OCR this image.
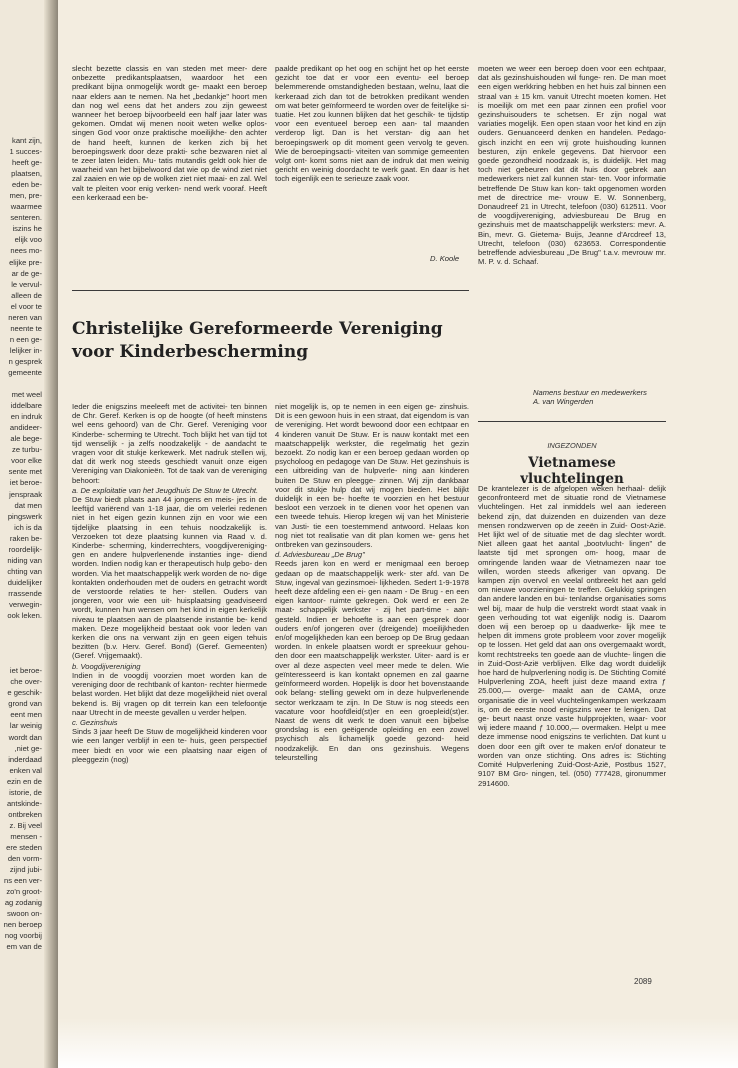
kant zijn,
1 succes-
heeft ge-
plaatsen,
eden be-
men, pre-
waarmee
senteren.
iszins he
elijk voo
nees mo-
elijke pre-
ar de ge-
le vervul-
alleen de
el voor te
neren van
neente te
n een ge-
lelijker in-
n gesprek
gemeente

met weel
iddelbare
en indruk
andideer-
ale bege-
ze turbu-
voor elke
sente met
iet beroe-
jenspraak
dat men
pingswerk
ich is da
raken be-
roordelijk-
niding van
chting van
duidelijker
rrassende
verwegin-
ook leken.

iet beroe-
che over-
e geschik-
grond van
eent men
lar weinig
wordt dan
,niet ge-
inderdaad
enken val
ezin en de
istorie, de
antskinde-
ontbreken
z. Bij veel
mensen -
ere steden
den vorm-
zijnd jubi-
ns een ver-
zo'n groot-
ag zodanig
swoon on-
nen beroep
nog voorbij
em van de

slecht bezette classis en van steden met meer- dere onbezette predikantsplaatsen, waardoor het een predikant bijna onmogelijk wordt ge- maakt een beroep naar elders aan te nemen. Na het „bedankje" hoort men dan nog wel eens dat het anders zou zijn geweest wanneer het beroep bijvoorbeeld een half jaar later was gekomen. Omdat wij menen nooit weten welke oplos- singen God voor onze praktische moeilijkhe- den achter de hand heeft, kunnen de kerken zich bij het beroepingswerk door deze prakti- sche bezwaren niet al te zeer laten leiden. Mu- tatis mutandis geldt ook hier de waarheid van het bijbelwoord dat wie op de wind ziet niet zal zaaien en wie op de wolken ziet niet maai- en zal. Wel valt te pleiten voor enig verken- nend werk vooraf. Heeft een kerkeraad een be-

paalde predikant op het oog en schijnt het op het eerste gezicht toe dat er voor een eventu- eel beroep belemmerende omstandigheden bestaan, welnu, laat die kerkeraad zich dan tot de betrokken predikant wenden om wat beter geïnformeerd te worden over de feitelijke si- tuatie. Het zou kunnen blijken dat het geschik- te tijdstip voor een eventueel beroep een aan- tal maanden verderop ligt. Dan is het verstan- dig aan het beroepingswerk op dit moment geen vervolg te geven. Wie de beroepingsacti- viteiten van sommige gemeenten volgt ont- komt soms niet aan de indruk dat men weinig gericht en weinig doordacht te werk gaat. En daar is het toch eigenlijk een te serieuze zaak voor.

D. Koole
Christelijke Gereformeerde Vereniging
voor Kinderbescherming

Ieder die enigszins meeleeft met de activitei- ten binnen de Chr. Geref. Kerken is op de hoogte (of heeft minstens wel eens gehoord) van de Chr. Geref. Vereniging voor Kinderbe- scherming te Utrecht. Toch blijkt het van tijd tot tijd wenselijk - ja zelfs noodzakelijk - de aandacht te vragen voor dit stukje kerkewerk. Met nadruk stellen wij, dat dit werk nog steeds geschiedt vanuit onze eigen Vereniging van Diakonieën. Tot de taak van de vereniging behoort:

a. De exploitatie van het Jeugdhuis De Stuw te Utrecht.

De Stuw biedt plaats aan 44 jongens en meis- jes in de leeftijd variërend van 1-18 jaar, die om velerlei redenen niet in het eigen gezin kunnen zijn en voor wie een tijdelijke plaatsing in een tehuis noodzakelijk is. Verzoeken tot deze plaatsing kunnen via Raad v. d. Kinderbe- scherming, kinderrechters, voogdijvereniging- gen en andere hulpverlenende instanties inge- diend worden. Indien nodig kan er therapeutisch hulp gebo- den worden. Via het maatschappelijk werk worden de no- dige kontakten onderhouden met de ouders en getracht wordt de verstoorde relaties te her- stellen. Ouders van jongeren, voor wie een uit- huisplaatsing geadviseerd wordt, kunnen hun wensen om het kind in eigen kerkelijk niveau te plaatsen aan de plaatsende instantie be- kend maken. Deze mogelijkheid bestaat ook voor leden van kerken die ons na verwant zijn en geen eigen tehuis bezitten (b.v. Herv. Geref. Bond) (Geref. Gemeenten) (Geref. Vrijgemaakt).

b. Voogdijvereniging

Indien in de voogdij voorzien moet worden kan de vereniging door de rechtbank of kanton- rechter hiermede belast worden. Het blijkt dat deze mogelijkheid niet overal bekend is. Bij vragen op dit terrein kan een telefoontje naar Utrecht in de meeste gevallen u verder helpen.

c. Gezinshuis

Sinds 3 jaar heeft De Stuw de mogelijkheid kinderen voor wie een langer verblijf in een te- huis, geen perspectief meer biedt en voor wie een plaatsing naar eigen of pleeggezin (nog)

niet mogelijk is, op te nemen in een eigen ge- zinshuis. Dit is een gewoon huis in een straat, dat eigendom is van de vereniging. Het wordt bewoond door een echtpaar en 4 kinderen vanuit De Stuw. Er is nauw kontakt met een maatschappelijk werkster, die regelmatig het gezin bezoekt. Zo nodig kan er een beroep gedaan worden op psycholoog en pedagoge van De Stuw. Het gezinshuis is een uitbreiding van de hulpverle- ning aan kinderen buiten De Stuw en pleegge- zinnen. Wij zijn dankbaar voor dit stukje hulp dat wij mogen bieden. Het blijkt duidelijk in een be- hoefte te voorzien en het bestuur besloot een verzoek in te dienen voor het openen van een tweede tehuis. Hierop kregen wij van het Ministerie van Justi- tie een toestemmend antwoord. Helaas kon nog niet tot realisatie van dit plan komen we- gens het ontbreken van gezinsouders.

d. Adviesbureau „De Brug"

Reeds jaren kon en werd er menigmaal een beroep gedaan op de maatschappelijk werk- ster afd. van De Stuw, ingeval van gezinsmoei- lijkheden. Sedert 1-9-1978 heeft deze afdeling een ei- gen naam - De Brug - en een eigen kantoor- ruimte gekregen. Ook werd er een 2e maat- schappelijk werkster - zij het part-time - aan- gesteld. Indien er behoefte is aan een gesprek door ouders en/of jongeren over (dreigende) moeilijkheden en/of mogelijkheden kan een beroep op De Brug gedaan worden. In enkele plaatsen wordt er spreekuur gehou- den door een maatschappelijk werkster. Uiter- aard is er over al deze aspecten veel meer mede te delen. Wie geïnteresseerd is kan kontakt opnemen en zal gaarne geïnformeerd worden. Hopelijk is door het bovenstaande ook belang- stelling gewekt om in deze hulpverlenende sector werkzaam te zijn. In De Stuw is nog steeds een vacature voor hoofdleid(st)er en een groepleid(st)er. Naast de wens dit werk te doen vanuit een bijbelse grondslag is een geëigende opleiding en een zowel psychisch als lichamelijk goede gezond- heid noodzakelijk. En dan ons gezinshuis. Wegens teleurstelling

moeten we weer een beroep doen voor een echtpaar, dat als gezinshuishouden wil funge- ren. De man moet een eigen werkkring hebben en het huis zal binnen een straal van ± 15 km. vanuit Utrecht moeten komen. Het is moeilijk om met een paar zinnen een profiel voor gezinshuisouders te schetsen. Er zijn nogal wat variaties mogelijk. Een open staan voor het kind en zijn ouders. Genuanceerd denken en handelen. Pedago- gisch inzicht en een vrij grote huishouding kunnen besturen, zijn enkele gegevens. Dat hiervoor een goede gezondheid noodzaak is, is duidelijk. Het mag toch niet gebeuren dat dit huis door gebrek aan medewerkers niet zal kunnen star- ten. Voor informatie betreffende De Stuw kan kon- takt opgenomen worden met de directrice me- vrouw E. W. Sonnenberg, Donaudreef 21 in Utrecht, telefoon (030) 612511. Voor de voogdijvereniging, adviesbureau De Brug en gezinshuis met de maatschappelijk werksters: mevr. A. Bin, mevr. G. Gietema- Buijs, Jeanne d'Arcdreef 13, Utrecht, telefoon (030) 623653. Correspondentie betreffende adviesbureau „De Brug" t.a.v. mevrouw mr. M. P. v. d. Schaaf.

Namens bestuur en medewerkers
A. van Wingerden
INGEZONDEN
Vietnamese vluchtelingen

De krantelezer is de afgelopen weken herhaal- delijk geconfronteerd met de situatie rond de Vietnamese vluchtelingen. Het zal inmiddels wel aan iedereen bekend zijn, dat duizenden en duizenden van deze mensen rondzwerven op de zeeën in Zuid- Oost-Azië. Het lijkt wel of de situatie met de dag slechter wordt. Niet alleen gaat het aantal „bootvlucht- lingen" de laatste tijd met sprongen om- hoog, maar de omringende landen waar de Vietnamezen naar toe willen, worden steeds afkeriger van opvang. De kampen zijn overvol en veelal ontbreekt het aan geld om nieuwe voorzieningen te treffen. Gelukkig springen dan andere landen en bui- tenlandse organisaties soms wel bij, maar de hulp die verstrekt wordt staat vaak in geen verhouding tot wat eigenlijk nodig is. Daarom doen wij een beroep op u daadwerke- lijk mee te helpen dit immens grote probleem voor zover mogelijk op te lossen. Het geld dat aan ons overgemaakt wordt, komt rechtstreeks ten goede aan de vluchte- lingen die in Zuid-Oost-Azië verblijven. Elke dag wordt duidelijk hoe hard de hulpverlening nodig is. De Stichting Comité Hulpverlening ZOA, heeft juist deze maand extra ƒ 25.000,— overge- maakt aan de CAMA, onze organisatie die in veel vluchtelingenkampen werkzaam is, om de eerste nood enigszins weer te lenigen. Dat ge- beurt naast onze vaste hulpprojekten, waar- voor wij iedere maand ƒ 10.000,— overmaken. Helpt u mee deze immense nood enigszins te verlichten. Dat kunt u doen door een gift over te maken en/of donateur te worden van onze stichting. Ons adres is: Stichting Comité Hulpverlening Zuid-Oost-Azië, Postbus 1527, 9107 BM Gro- ningen, tel. (050) 777428, gironummer 2914600.

2089
